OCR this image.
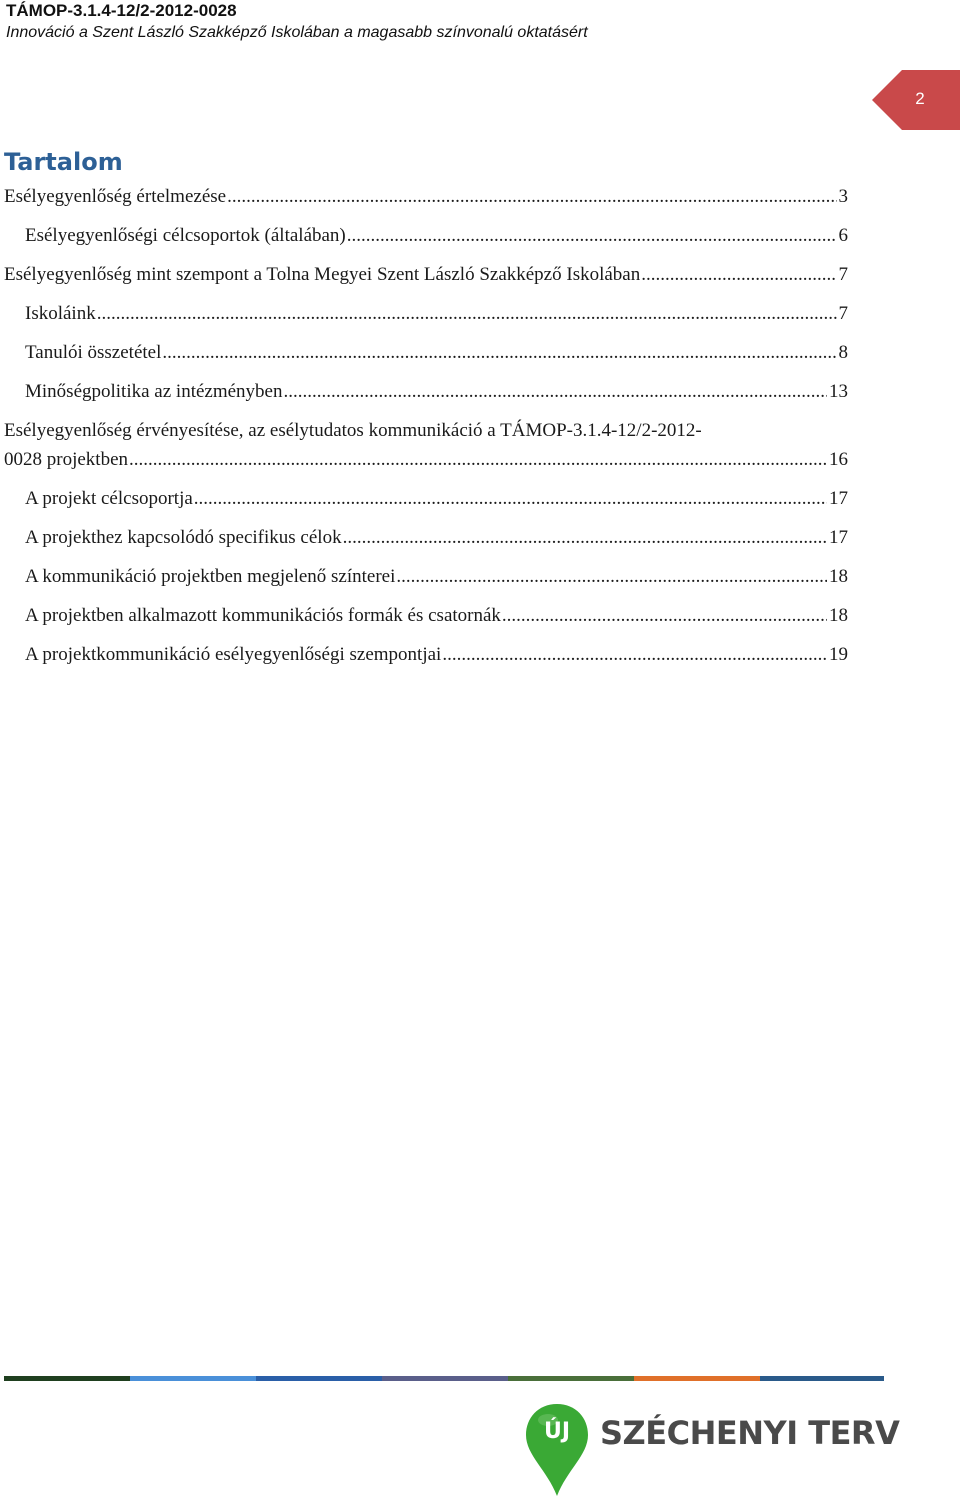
TÁMOP-3.1.4-12/2-2012-0028
Innováció a Szent László Szakképző Iskolában a magasabb színvonalú oktatásért
2
Tartalom
Esélyegyenlőség értelmezése .....	3
Esélyegyenlőségi célcsoportok (általában) .....	6
Esélyegyenlőség mint szempont a Tolna Megyei Szent László Szakképző Iskolában .....	7
Iskoláink .....	7
Tanulói összetétel .....	8
Minőségpolitika az intézményben .....	13
Esélyegyenlőség érvényesítése, az esélytudatos kommunikáció a TÁMOP-3.1.4-12/2-2012-
0028 projektben .....	16
A projekt célcsoportja .....	17
A projekthez kapcsolódó specifikus célok .....	17
A kommunikáció projektben megjelenő színterei .....	18
A projektben alkalmazott kommunikációs formák és csatornák .....	18
A projektkommunikáció esélyegyenlőségi szempontjai .....	19
ÚJ SZÉCHENYI TERV
